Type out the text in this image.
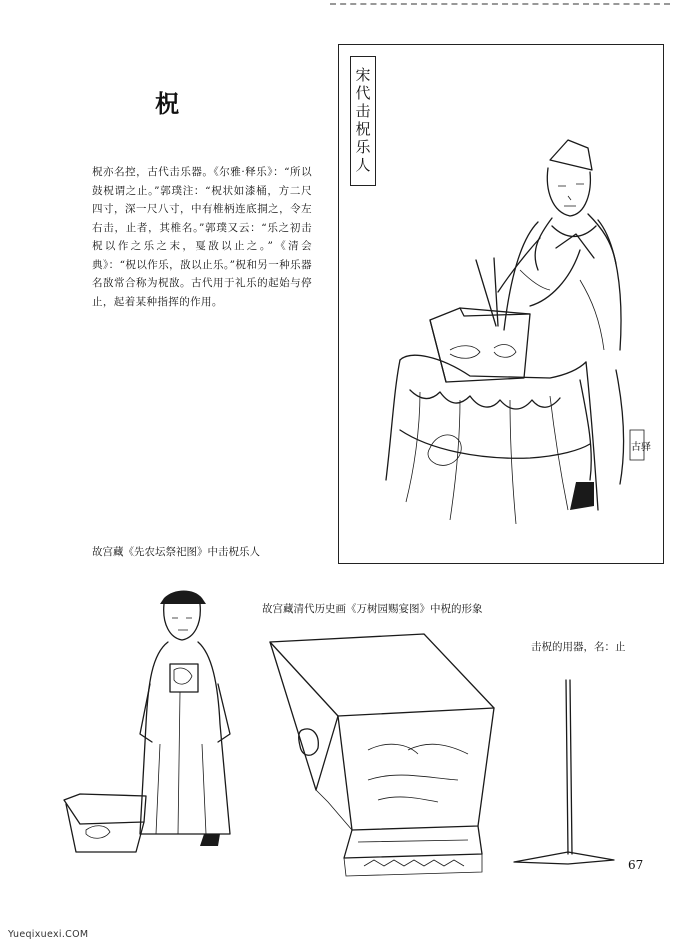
柷
柷亦名控，古代击乐器。《尔雅·释乐》：“所以鼓柷谓之止。”郭璞注：“柷状如漆桶，方二尺四寸，深一尺八寸，中有椎柄连底挏之，令左右击，止者，其椎名。”郭璞又云：“乐之初击柷以作之乐之末，戛敔以止之。”《清会典》：“柷以作乐，敔以止乐。”柷和另一种乐器名敔常合称为柷敔。古代用于礼乐的起始与停止，起着某种指挥的作用。
宋代击柷乐人
古驿
故宫藏《先农坛祭祀图》中击柷乐人
故宫藏清代历史画《万树园赐宴图》中柷的形象
击柷的用器，名：止
67
Yueqixuexi.COM
